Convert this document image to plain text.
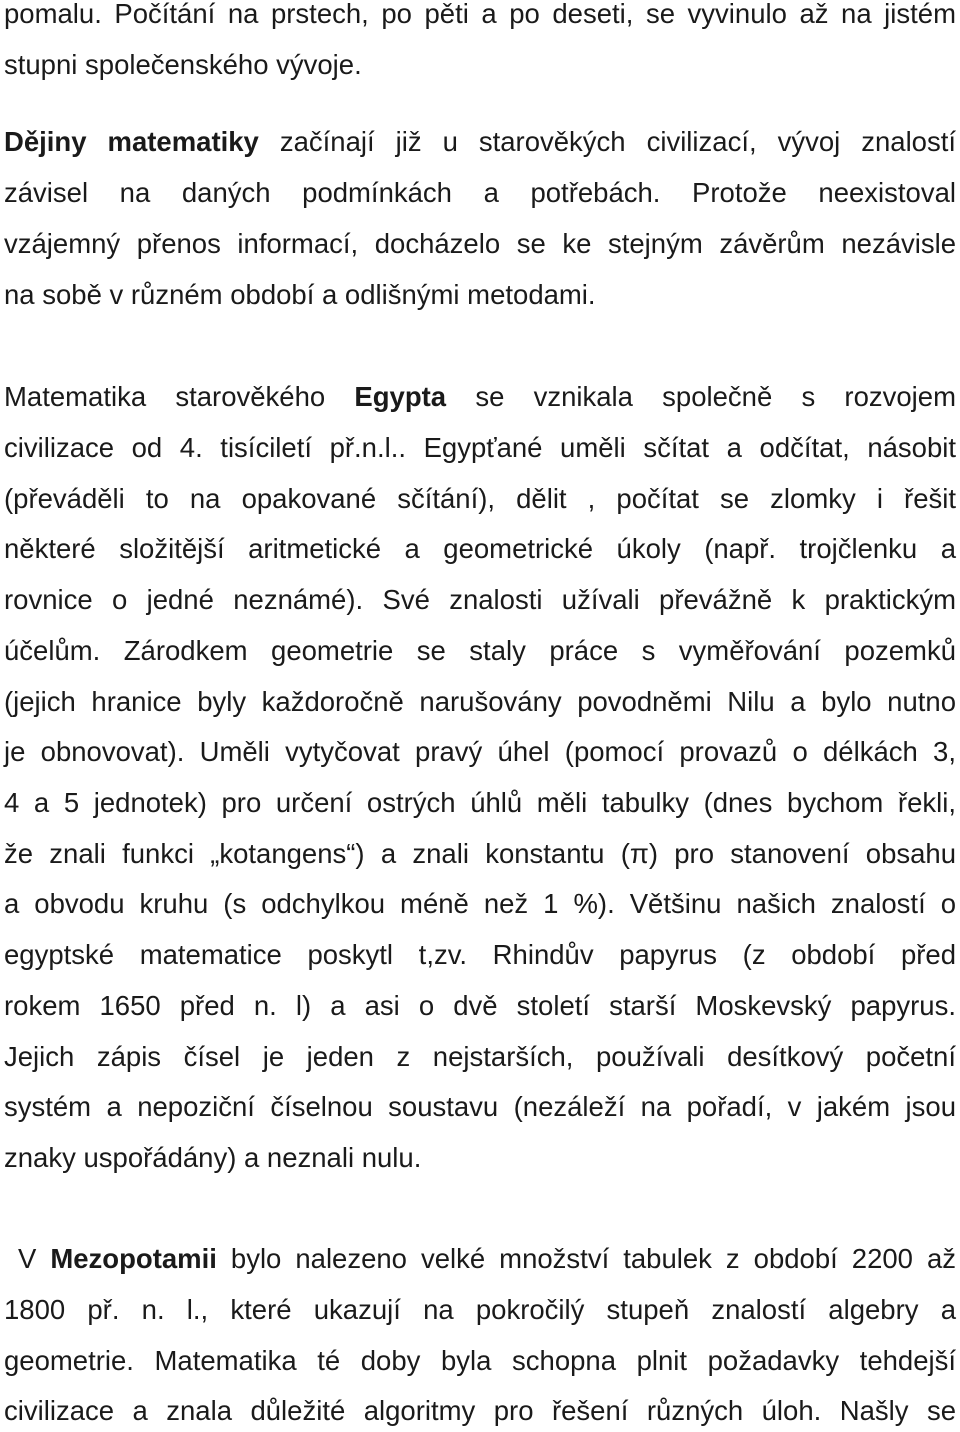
pomalu. Počítání na prstech, po pěti a po deseti, se vyvinulo až na jistém
stupni společenského vývoje.
Dějiny matematiky začínají již u starověkých civilizací, vývoj znalostí
závisel na daných podmínkách a potřebách. Protože neexistoval
vzájemný přenos informací, docházelo se ke stejným závěrům nezávisle
na sobě v různém období a odlišnými metodami.
Matematika starověkého Egypta se vznikala společně s rozvojem
civilizace od 4. tisíciletí př.n.l.. Egypťané uměli sčítat a odčítat, násobit
(převáděli to na opakované sčítání), dělit , počítat se zlomky i řešit
některé složitější aritmetické a geometrické úkoly (např. trojčlenku a
rovnice o jedné neznámé). Své znalosti užívali převážně k praktickým
účelům. Zárodkem geometrie se staly práce s vyměřování pozemků
(jejich hranice byly každoročně narušovány povodněmi Nilu a bylo nutno
je obnovovat). Uměli vytyčovat pravý úhel (pomocí provazů o délkách 3,
4 a 5 jednotek) pro určení ostrých úhlů měli tabulky (dnes bychom řekli,
že znali funkci „kotangens“) a znali konstantu (π) pro stanovení obsahu
a obvodu kruhu (s odchylkou méně než 1 %). Většinu našich znalostí o
egyptské matematice poskytl t,zv. Rhindův papyrus (z období před
rokem 1650 před n. l) a asi o dvě století starší Moskevský papyrus.
Jejich zápis čísel je jeden z nejstarších, používali desítkový početní
systém a nepoziční číselnou soustavu (nezáleží na pořadí, v jakém jsou
znaky uspořádány) a neznali nulu.
V Mezopotamii bylo nalezeno velké množství tabulek z období 2200 až
1800 př. n. l., které ukazují na pokročilý stupeň znalostí algebry a
geometrie. Matematika té doby byla schopna plnit požadavky tehdejší
civilizace a znala důležité algoritmy pro řešení různých úloh. Našly se
